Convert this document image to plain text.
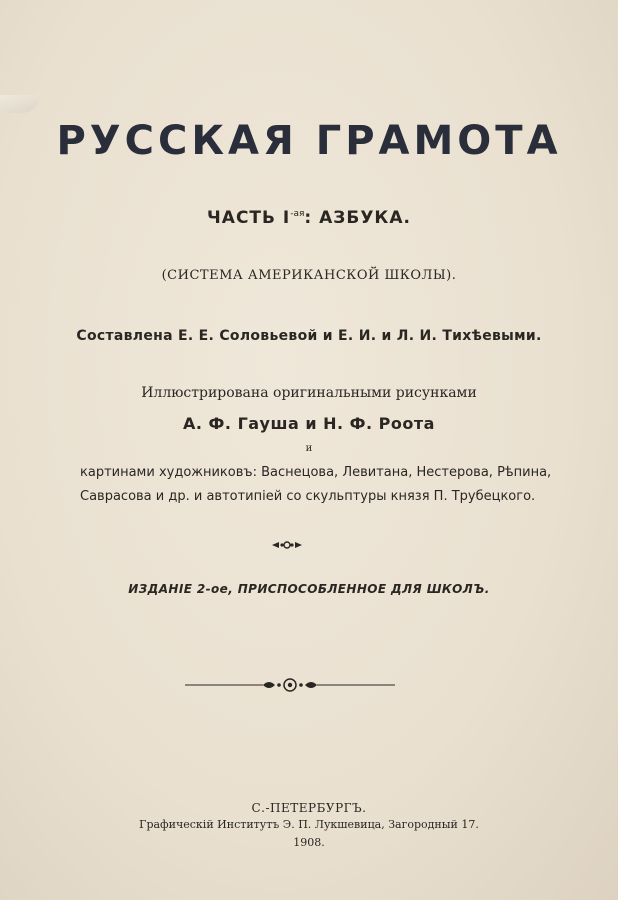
РУССКАЯ ГРАМОТА
ЧАСТЬ $I^{-ая}$: АЗБУКА.
(СИСТЕМА АМЕРИКАНСКОЙ ШКОЛЫ).
Составлена Е. Е. Соловьевой и Е. И. и Л. И. Тихѣевыми.
Иллюстрирована оригинальными рисунками
А. Ф. Гауша и Н. Ф. Роота
и
картинами художниковъ: Васнецова, Левитана, Нестерова, Рѣпина,
Саврасова и др. и автотипiей со скульптуры князя П. Трубецкого.
ИЗДАНIЕ 2-ое, ПРИСПОСОБЛЕННОЕ ДЛЯ ШКОЛЪ.
С.-ПЕТЕРБУРГЪ.
Графическiй Институтъ Э. П. Лукшевица, Загородный 17.
1908.
